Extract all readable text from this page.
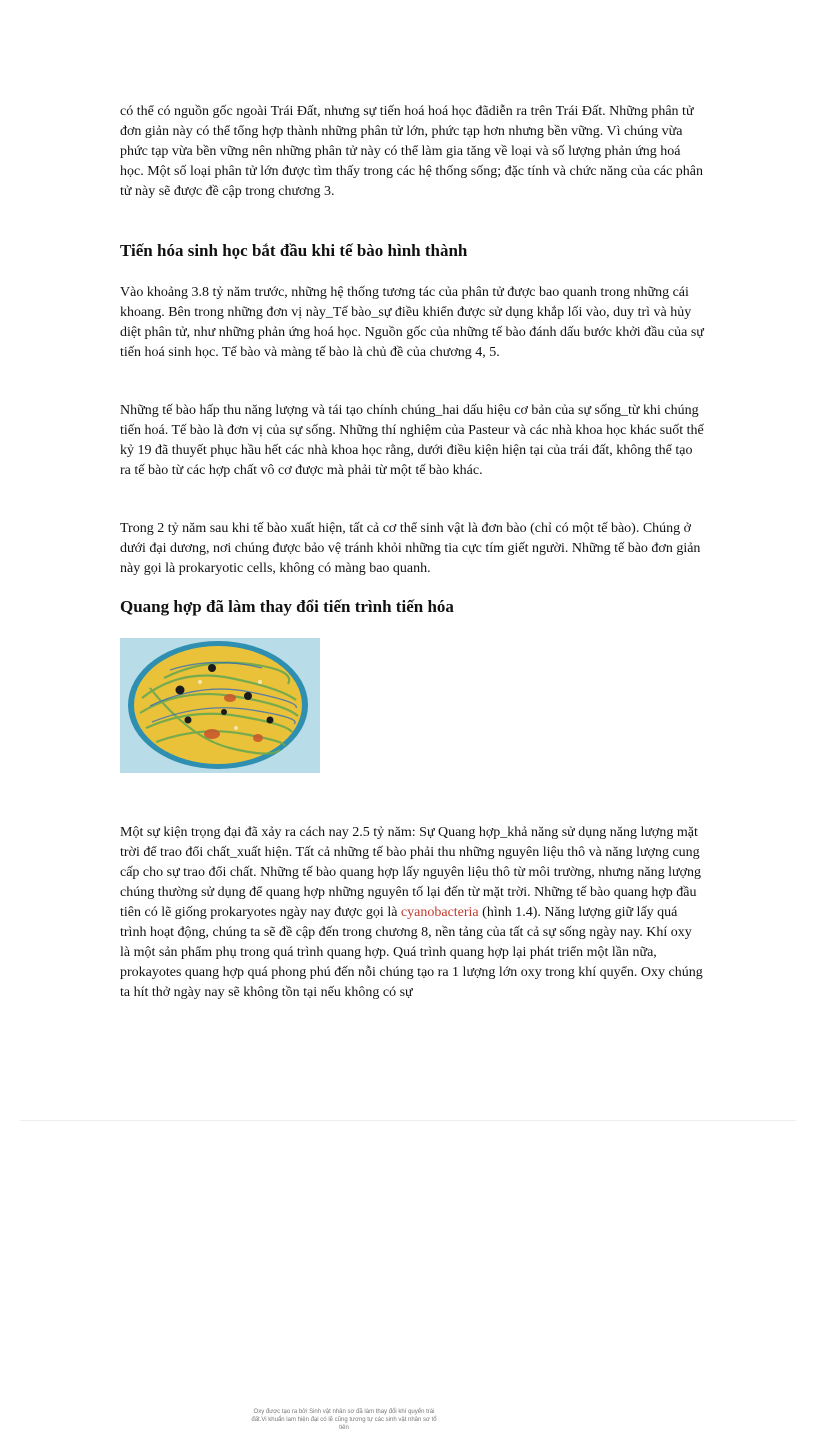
có thể có nguồn gốc ngoài Trái Đất, nhưng sự tiến hoá hoá học đãdiễn ra trên Trái Đất. Những phân tử đơn giản này có thể tổng hợp thành những phân tử lớn, phức tạp hơn nhưng bền vững. Vì chúng vừa phức tạp vừa bền vững nên những phân tử này có thể làm gia tăng về loại và số lượng phản ứng hoá học. Một số loại phân tử lớn được tìm thấy trong các hệ thống sống; đặc tính và chức năng của các phân tử này sẽ được đề cập trong chương 3.

Tiến hóa sinh học bắt đầu khi tế bào hình thành

Vào khoảng 3.8 tỷ năm trước, những hệ thống tương tác của phân tử được bao quanh trong những cái khoang. Bên trong những đơn vị này_Tế bào_sự điều khiển được sử dụng khắp lối vào, duy trì và hủy diệt phân tử, như những phản ứng hoá học. Nguồn gốc của những tế bào đánh dấu bước khởi đầu của sự tiến hoá sinh học. Tế bào và màng tế bào là chủ đề của chương 4, 5.

Những tế bào hấp thu năng lượng và tái tạo chính chúng_hai dấu hiệu cơ bản của sự sống_từ khi chúng tiến hoá. Tế bào là đơn vị của sự sống. Những thí nghiệm của Pasteur và các nhà khoa học khác suốt thế kỷ 19 đã thuyết phục hầu hết các nhà khoa học rằng, dưới điều kiện hiện tại của trái đất, không thể tạo ra tế bào từ các hợp chất vô cơ được mà phải từ một tế bào khác.

Trong 2 tỷ năm sau khi tế bào xuất hiện, tất cả cơ thể sinh vật là đơn bào (chỉ có một tế bào). Chúng ở dưới đại dương, nơi chúng được bảo vệ tránh khỏi những tia cực tím giết người. Những tế bào đơn giản này gọi là prokaryotic cells, không có màng bao quanh.

Quang hợp đã làm thay đổi tiến trình tiến hóa
Oxy được tạo ra bởi Sinh vật nhân sơ đã làm thay đổi khí quyển trái đất.Vi khuẩn lam hiện đại có lẽ cũng tương tự các sinh vật nhân sơ tổ tiên

Một sự kiện trọng đại đã xảy ra cách nay 2.5 tỷ năm: Sự Quang hợp_khả năng sử dụng năng lượng mặt trời để trao đổi chất_xuất hiện. Tất cả những tế bào phải thu những nguyên liệu thô và năng lượng cung cấp cho sự trao đổi chất. Những tế bào quang hợp lấy nguyên liệu thô từ môi trường, nhưng năng lượng chúng thường sử dụng để quang hợp những nguyên tố lại đến từ mặt trời. Những tế bào quang hợp đầu tiên có lẽ giống prokaryotes ngày nay được gọi là cyanobacteria (hình 1.4). Năng lượng giữ lấy quá trình hoạt động, chúng ta sẽ đề cập đến trong chương 8, nền tảng của tất cả sự sống ngày nay. Khí oxy là một sản phẩm phụ trong quá trình quang hợp. Quá trình quang hợp lại phát triển một lần nữa, prokayotes quang hợp quá phong phú đến nỗi chúng tạo ra 1 lượng lớn oxy trong khí quyển. Oxy chúng ta hít thở ngày nay sẽ không tồn tại nếu không có sự
